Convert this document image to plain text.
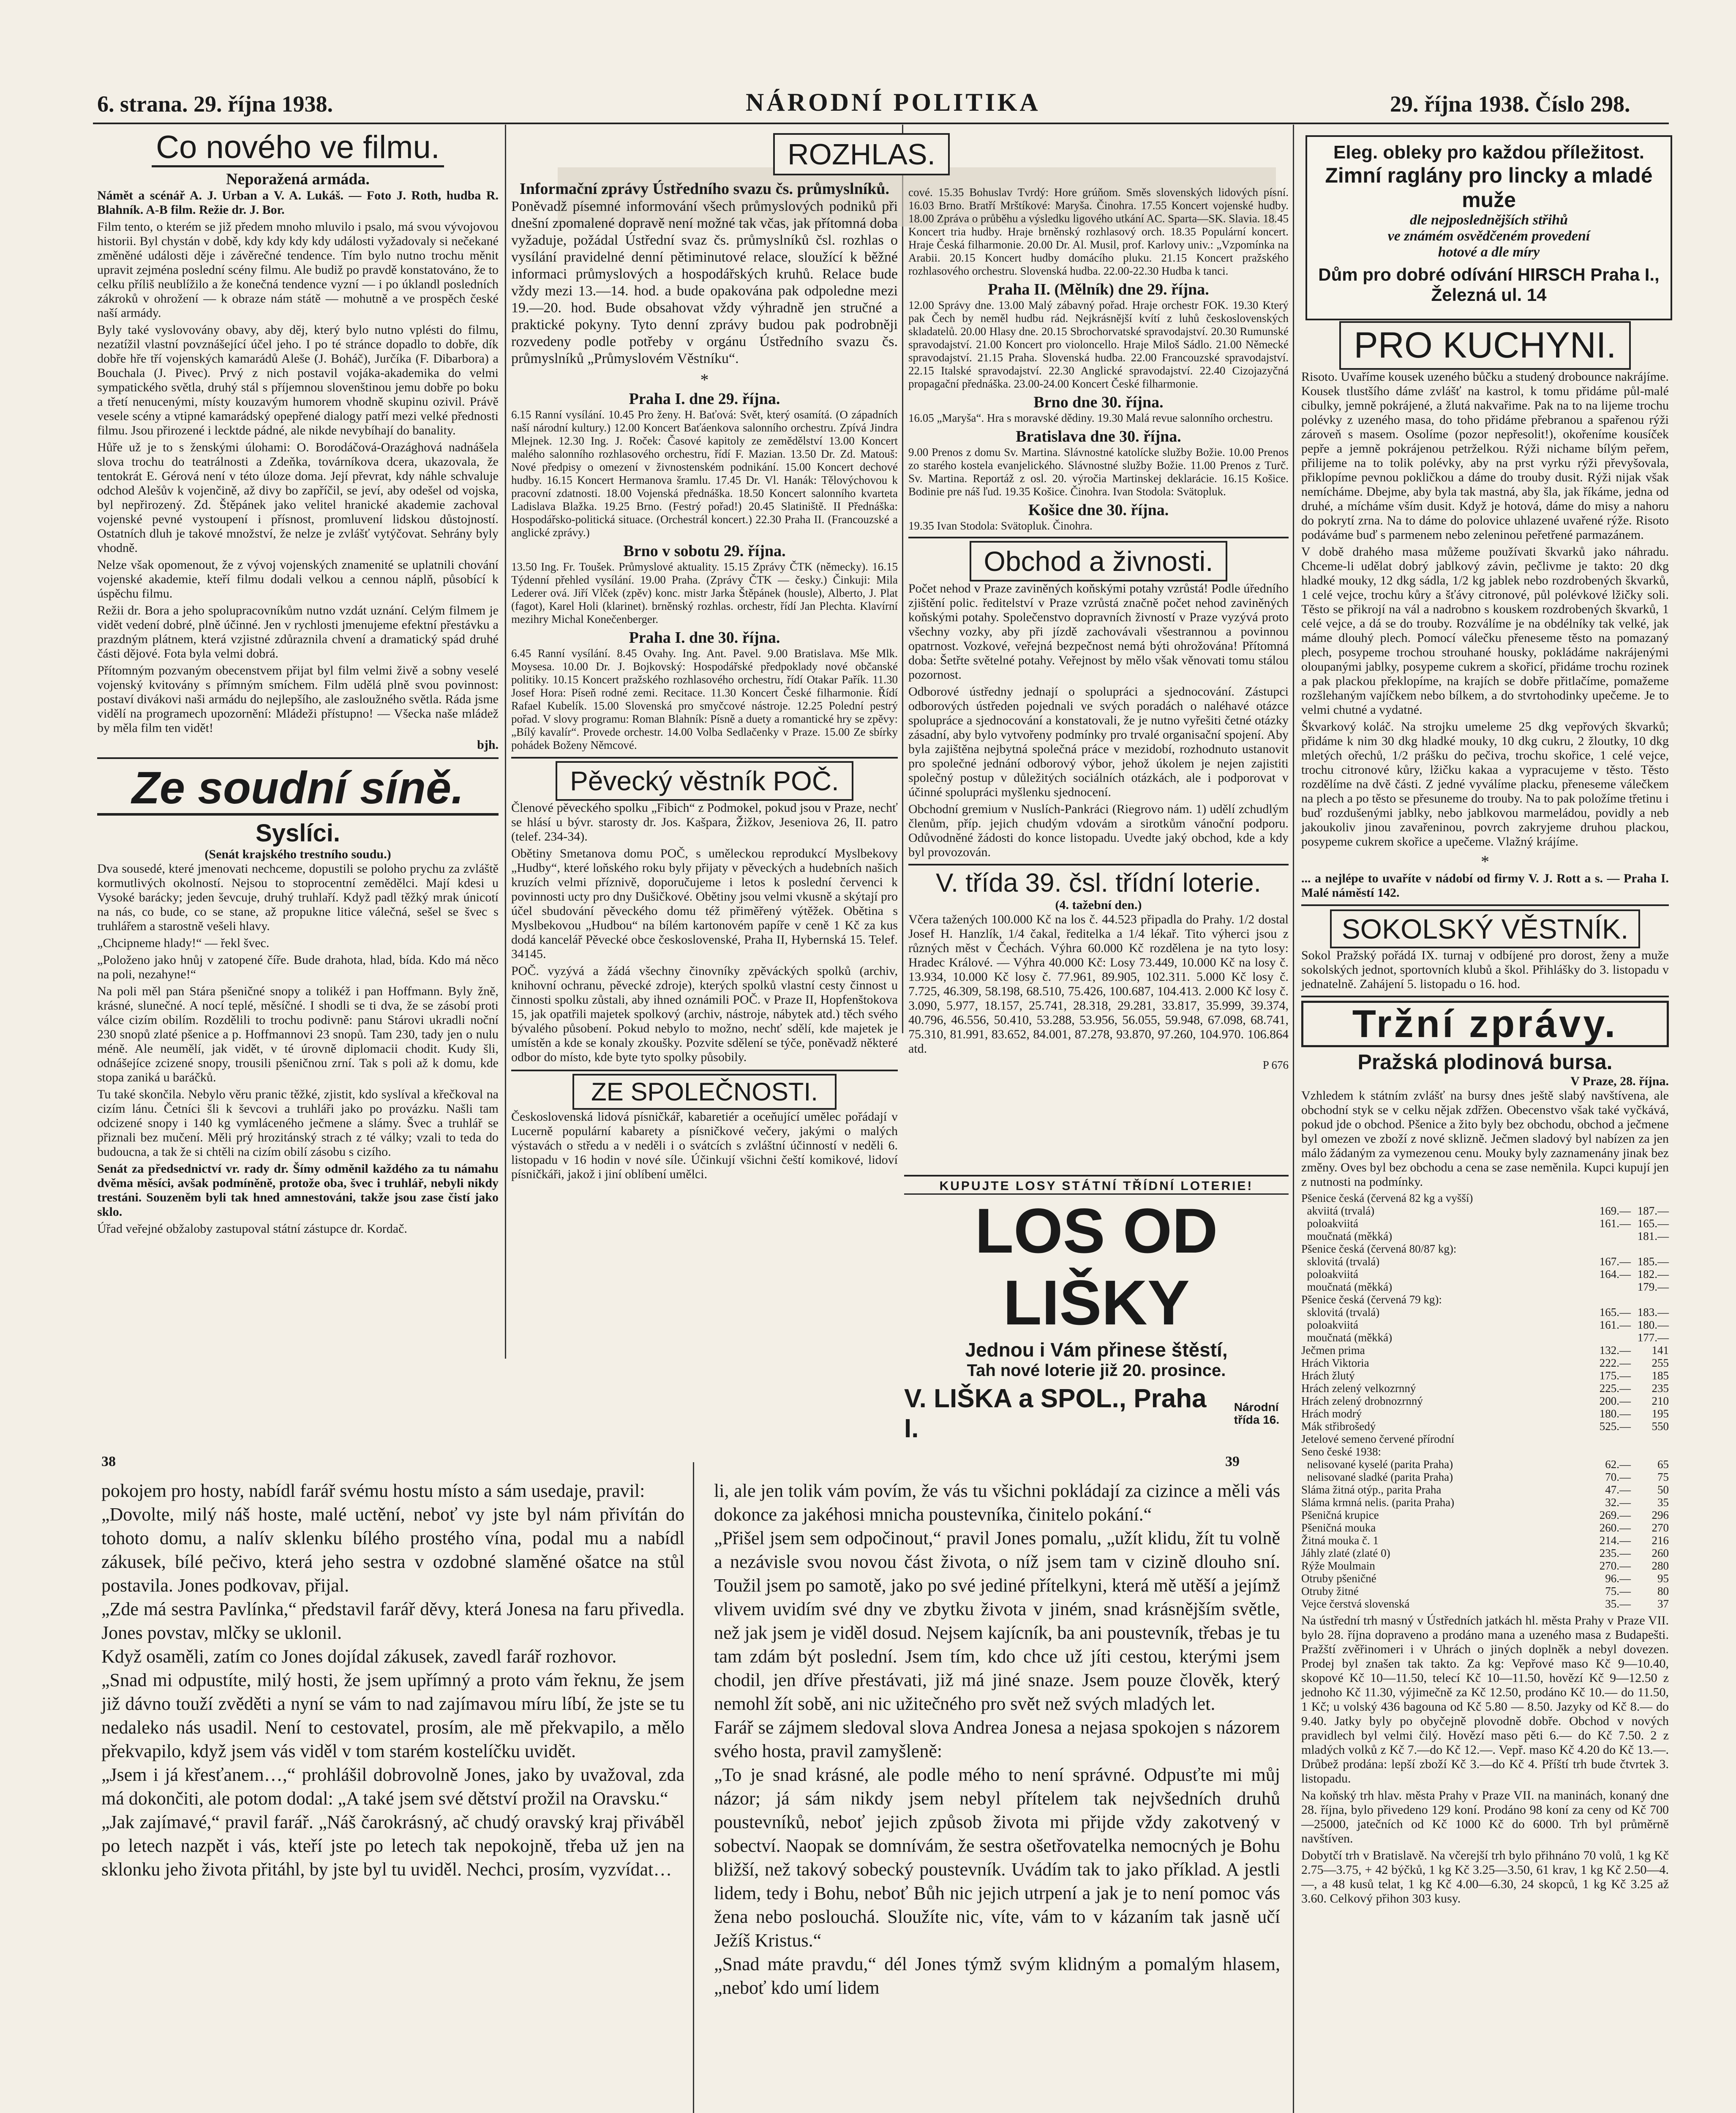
6. strana. 29. října 1938.	NÁRODNÍ POLITIKA	29. října 1938. Číslo 298.
Co nového ve filmu.
Neporažená armáda.

Námět a scénář A. J. Urban a V. A. Lukáš. — Foto J. Roth, hudba R. Blahník. A-B film. Režie dr. J. Bor.

Film tento, o kterém se již předem mnoho mluvilo i psalo, má svou vývojovou historii. Byl chystán v době, kdy kdy kdy kdy události vyžadovaly si nečekané změněné události děje i závěrečné tendence. Tím bylo nutno trochu měnit upravit zejména poslední scény filmu. Ale budiž po pravdě konstatováno, že to celku příliš neublížilo a že konečná tendence vyzní — i po úklandl posledních zákroků v ohrožení — k obraze nám státě — mohutně a ve prospěch české naší armády.

Byly také vyslovovány obavy, aby děj, který bylo nutno vplésti do filmu, nezatížil vlastní povznášející účel jeho. I po té stránce dopadlo to dobře, dík dobře hře tří vojenských kamarádů Aleše (J. Boháč), Jurčíka (F. Dibarbora) a Bouchala (J. Pivec). Prvý z nich postavil vojáka-akademika do velmi sympatického světla, druhý stál s příjemnou slovenštinou jemu dobře po boku a třetí nenucenými, místy kouzavým humorem vhodně skupinu ozivil. Právě vesele scény a vtipné kamarádský opepřené dialogy patří mezi velké přednosti filmu. Jsou přirozené i lecktde pádné, ale nikde nevybíhají do banality.

Hůře už je to s ženskými úlohami: O. Borodáčová-Orazághová nadnášela slova trochu do teatrálnosti a Zdeňka, továrníkova dcera, ukazovala, že tentokrát E. Gérová není v této úloze doma. Její převrat, kdy náhle schvaluje odchod Alešův k vojenčině, až divy bo zapříčil, se jeví, aby odešel od vojska, byl nepřirozený. Zd. Štěpánek jako velitel hranické akademie zachoval vojenské pevné vystoupení i přísnost, promluvení lidskou důstojností. Ostatních dluh je takové množství, že nelze je zvlášť vytýčovat. Sehrány byly vhodně.

Nelze však opomenout, že z vývoj vojenských znamenité se uplatnili chování vojenské akademie, kteří filmu dodali velkou a cennou náplň, působící k úspěchu filmu.

Režii dr. Bora a jeho spolupracovníkům nutno vzdát uznání. Celým filmem je vidět vedení dobré, plně účinné. Jen v rychlosti jmenujeme efektní přestávku a prazdným plátnem, která vzjistné zdůraznila chvení a dramatický spád druhé části dějové. Fota byla velmi dobrá.

Přítomným pozvaným obecenstvem přijat byl film velmi živě a sobny veselé vojenský kvitovány s přímným smíchem. Film udělá plně svou povinnost: postaví divákovi naši armádu do nejlepšího, ale zasloužného světla. Ráda jsme vidělí na programech upozornění: Mládeži přístupno! — Všecka naše mládež by měla film ten vidět!

bjh.
Ze soudní síně.
Syslíci.
(Senát krajského trestního soudu.)

Dva sousedé, které jmenovati nechceme, dopustili se poloho prychu za zvláště kormutlivých okolností. Nejsou to stoprocentní zemědělci. Mají kdesi u Vysoké barácky; jeden ševcuje, druhý truhlaří. Když padl těžký mrak únicotí na nás, co bude, co se stane, až propukne litice válečná, sešel se švec s truhlářem a starostně vešeli hlavy.

„Chcipneme hlady!“ — řekl švec.

„Položeno jako hnůj v zatopené číře. Bude drahota, hlad, bída. Kdo má něco na poli, nezahyne!“

Na poli měl pan Stára pšeničné snopy a tolikéž i pan Hoffmann. Byly žně, krásné, slunečné. A nocí teplé, měsíčné. I shodli se ti dva, že se zásobí proti válce cizím obilím. Rozdělili to trochu podivně: panu Stárovi ukradli noční 230 snopů zlaté pšenice a p. Hoffmannovi 23 snopů. Tam 230, tady jen o nulu méně. Ale neumělí, jak vidět, v té úrovně diplomacii chodit. Kudy šli, odnášejíce zcizené snopy, trousili pšeničnou zrní. Tak s poli až k domu, kde stopa zaniká u baráčků.

Tu také skončila. Nebylo věru pranic těžké, zjistit, kdo syslíval a křečkoval na cizím lánu. Četníci šli k ševcovi a truhláři jako po provázku. Našli tam odcizené snopy i 140 kg vymláceného ječmene a slámy. Švec a truhlář se přiznali bez mučení. Měli prý hrozitánský strach z té války; vzali to teda do budoucna, a tak že si chtěli na cizím obilí zásobu s cizího.

Senát za předsednictví vr. rady dr. Šímy odměnil každého za tu námahu dvěma měsíci, avšak podmíněně, protože oba, švec i truhlář, nebyli nikdy trestáni. Souzeněm byli tak hned amnestováni, takže jsou zase čistí jako sklo.

Úřad veřejné obžaloby zastupoval státní zástupce dr. Kordač.

ROZHLAS.
Informační zprávy Ústředního svazu čs. průmyslníků.

Poněvadž písemné informování všech průmyslových podniků při dnešní zpomalené dopravě není možné tak včas, jak přítomná doba vyžaduje, požádal Ústřední svaz čs. průmyslníků čsl. rozhlas o vysílání pravidelné denní pětiminutové relace, sloužící k běžné informaci průmyslových a hospodářských kruhů. Relace bude vždy mezi 13.—14. hod. a bude opakována pak odpoledne mezi 19.—20. hod. Bude obsahovat vždy výhradně jen stručné a praktické pokyny. Tyto denní zprávy budou pak podrobněji rozvedeny podle potřeby v orgánu Ústředního svazu čs. průmyslníků „Průmyslovém Věstníku“.

*
Praha I. dne 29. října.

6.15 Ranní vysílání. 10.45 Pro ženy. H. Baťová: Svět, který osamítá. (O západních naší národní kultury.) 12.00 Koncert Baťáenkova salonního orchestru. Zpívá Jindra Mlejnek. 12.30 Ing. J. Roček: Časové kapitoly ze zemědělství 13.00 Koncert malého salonního rozhlasového orchestru, řídí F. Mazian. 13.50 Dr. Zd. Matouš: Nové předpisy o omezení v živnostenském podnikání. 15.00 Koncert dechové hudby. 16.15 Koncert Hermanova šramlu. 17.45 Dr. Vl. Hanák: Tělovýchovou k pracovní zdatnosti. 18.00 Vojenská přednáška. 18.50 Koncert salonního kvarteta Ladislava Blažka. 19.25 Brno. (Festrý pořad!) 20.45 Slatiniště. II Přednáška: Hospodářsko-politická situace. (Orchestrál koncert.) 22.30 Praha II. (Francouzské a anglické zprávy.)

Brno v sobotu 29. října.

13.50 Ing. Fr. Toušek. Průmyslové aktuality. 15.15 Zprávy ČTK (německy). 16.15 Týdenní přehled vysílání. 19.00 Praha. (Zprávy ČTK — česky.) Činkuji: Mila Lederer ová. Jiří Vlček (zpěv) konc. mistr Jarka Štěpánek (housle), Alberto, J. Plat (fagot), Karel Holi (klarinet). brněnský rozhlas. orchestr, řídí Jan Plechta. Klavírní mezihry Michal Konečenberger.

Praha I. dne 30. října.

6.45 Ranní vysílání. 8.45 Ovahy. Ing. Ant. Pavel. 9.00 Bratislava. Mše Mlk. Moysesa. 10.00 Dr. J. Bojkovský: Hospodářské předpoklady nové občanské politiky. 10.15 Koncert pražského rozhlasového orchestru, řídí Otakar Pařík. 11.30 Josef Hora: Píseň rodné zemi. Recitace. 11.30 Koncert České filharmonie. Řídí Rafael Kubelík. 15.00 Slovenská pro smyčcové nástroje. 12.25 Polední pestrý pořad. V slovy programu: Roman Blahník: Písně a duety a romantické hry se zpěvy: „Bílý kavalír“. Provede orchestr. 14.00 Volba Sedlačenky v Praze. 15.00 Ze sbírky pohádek Boženy Němcové.

Pěvecký věstník POČ.

Členové pěveckého spolku „Fibich“ z Podmokel, pokud jsou v Praze, nechť se hlásí u bývr. starosty dr. Jos. Kašpara, Žižkov, Jeseniova 26, II. patro (telef. 234-34).

Obětiny Smetanova domu POČ, s uměleckou reprodukcí Myslbekovy „Hudby“, které loňského roku byly přijaty v pěveckých a hudebních našich kruzích velmi příznivě, doporučujeme i letos k poslední červenci k povinnosti ucty pro dny Dušičkové. Obětiny jsou velmi vkusně a skýtají pro účel sbudování pěveckého domu též přiměřený výtěžek. Obětina s Myslbekovou „Hudbou“ na bílém kartonovém papíře v ceně 1 Kč za kus dodá kancelář Pěvecké obce československé, Praha II, Hybernská 15. Telef. 34145.

POČ. vyzývá a žádá všechny činovníky zpěváckých spolků (archiv, knihovní ochranu, pěvecké zdroje), kterých spolků vlastní cesty činnost u činnosti spolku zůstali, aby ihned oznámili POČ. v Praze II, Hopfenštokova 15, jak opatřili majetek spolkový (archiv, nástroje, nábytek atd.) těch svého bývalého působení. Pokud nebylo to možno, nechť sdělí, kde majetek je umístěn a kde se konaly zkoušky. Pozvite sdělení se týče, poněvadž některé odbor do místo, kde byte tyto spolky působily.

ZE SPOLEČNOSTI.

Československá lidová písničkář, kabaretiér a oceňující umělec pořádají v Lucerně populární kabarety a písničkové večery, jakými o malých výstavách o středu a v neděli i o svátcích s zvláštní účinností v neděli 6. listopadu v 16 hodin v nové síle. Účinkují všichni čeští komikové, lidoví písničkáři, jakož i jiní oblíbení umělci.

cové. 15.35 Bohuslav Tvrdý: Hore grúňom. Směs slovenských lidových písní. 16.03 Brno. Bratří Mrštíkové: Maryša. Činohra. 17.55 Koncert vojenské hudby. 18.00 Zpráva o průběhu a výsledku ligového utkání AC. Sparta—SK. Slavia. 18.45 Koncert tria hudby. Hraje brněnský rozhlasový orch. 18.35 Populární koncert. Hraje Česká filharmonie. 20.00 Dr. Al. Musil, prof. Karlovy univ.: „Vzpomínka na Arabii. 20.15 Koncert hudby domácího pluku. 21.15 Koncert pražského rozhlasového orchestru. Slovenská hudba. 22.00-22.30 Hudba k tanci.

Praha II. (Mělník) dne 29. října.

12.00 Správy dne. 13.00 Malý zábavný pořad. Hraje orchestr FOK. 19.30 Který pak Čech by neměl hudbu rád. Nejkrásnější kvítí z luhů československých skladatelů. 20.00 Hlasy dne. 20.15 Sbrochorvatské spravodajství. 20.30 Rumunské spravodajství. 21.00 Koncert pro violoncello. Hraje Miloš Sádlo. 21.00 Německé spravodajství. 21.15 Praha. Slovenská hudba. 22.00 Francouzské spravodajství. 22.15 Italské spravodajství. 22.30 Anglické spravodajství. 22.40 Cizojazyčná propagační přednáška. 23.00-24.00 Koncert České filharmonie.

Brno dne 30. října.

16.05 „Maryša“. Hra s moravské dědiny. 19.30 Malá revue salonního orchestru.

Bratislava dne 30. října.

9.00 Prenos z domu Sv. Martina. Slávnostné katolícke služby Božie. 10.00 Prenos zo starého kostela evanjelického. Slávnostné služby Božie. 11.00 Prenos z Turč. Sv. Martina. Reportáž z osl. 20. výročia Martinskej deklarácie. 16.15 Košice. Bodinie pre náš ľud. 19.35 Košice. Činohra. Ivan Stodola: Svätopluk.

Košice dne 30. října.

19.35 Ivan Stodola: Svätopluk. Činohra.

Obchod a živnosti.

Počet nehod v Praze zaviněných koňskými potahy vzrůstá! Podle úředního zjištění polic. ředitelství v Praze vzrůstá značně počet nehod zaviněných koňskými potahy. Společenstvo dopravních živností v Praze vyzývá proto všechny vozky, aby při jízdě zachovávali všestrannou a povinnou opatrnost. Vozkové, veřejná bezpečnost nemá býti ohrožována! Přítomná doba: Šetřte světelné potahy. Veřejnost by mělo však věnovati tomu stálou pozornost.

Odborové ústředny jednají o spolupráci a sjednocování. Zástupci odborových ústředen pojednali ve svých poradách o naléhavé otázce spolupráce a sjednocování a konstatovali, že je nutno vyřešiti četné otázky zásadní, aby bylo vytvořeny podmínky pro trvalé organisační spojení. Aby byla zajištěna nejbytná společná práce v mezidobí, rozhodnuto ustanovit pro společné jednání odborový výbor, jehož úkolem je nejen zajistiti společný postup v důležitých sociálních otázkách, ale i podporovat v účinné spolupráci myšlenku sjednocení.

Obchodní gremium v Nuslích-Pankráci (Riegrovo nám. 1) udělí zchudlým členům, příp. jejich chudým vdovám a sirotkům vánoční podporu. Odůvodněné žádosti do konce listopadu. Uvedte jaký obchod, kde a kdy byl provozován.

V. třída 39. čsl. třídní loterie.
(4. tažební den.)

Včera tažených 100.000 Kč na los č. 44.523 připadla do Prahy. 1/2 dostal Josef H. Hanzlík, 1/4 čakal, ředitelka a 1/4 lékař. Tito výherci jsou z různých měst v Čechách. Výhra 60.000 Kč rozdělena je na tyto losy: Hradec Králové. — Výhra 40.000 Kč: Losy 73.449, 10.000 Kč na losy č. 13.934, 10.000 Kč losy č. 77.961, 89.905, 102.311. 5.000 Kč losy č. 7.725, 46.309, 58.198, 68.510, 75.426, 100.687, 104.413. 2.000 Kč losy č. 3.090, 5.977, 18.157, 25.741, 28.318, 29.281, 33.817, 35.999, 39.374, 40.796, 46.556, 50.410, 53.288, 53.956, 56.055, 59.948, 67.098, 68.741, 75.310, 81.991, 83.652, 84.001, 87.278, 93.870, 97.260, 104.970. 106.864 atd.

P 676
KUPUJTE LOSY STÁTNÍ TŘÍDNÍ LOTERIE!
LOS OD LIŠKY
Jednou i Vám přinese štěstí,
Tah nové loterie již 20. prosince.
V. LIŠKA a SPOL., Praha I.
Národní třída 16.
Eleg. obleky pro každou příležitost.
Zimní raglány pro lincky a mladé muže
dle nejposlednějších střihů
ve známém osvědčeném provedení
hotové a dle míry
Dům pro dobré odívání HIRSCH Praha I., Železná ul. 14
PRO KUCHYNI.

Risoto. Uvaříme kousek uzeného bůčku a studený drobounce nakrájíme. Kousek tlustšího dáme zvlášť na kastrol, k tomu přidáme půl-malé cibulky, jemně pokrájené, a žlutá nakvařime. Pak na to na lijeme trochu polévky z uzeného masa, do toho přidáme přebranou a spařenou rýži zároveň s masem. Osolíme (pozor nepřesolit!), okořeníme kousíček pepře a jemně pokrájenou petrželkou. Rýži nichame bílým peřem, přilijeme na to tolik polévky, aby na prst vyrku rýži převyšovala, přiklopíme pevnou pokličkou a dáme do trouby dusit. Rýži nijak však nemícháme. Dbejme, aby byla tak mastná, aby šla, jak říkáme, jedna od druhé, a mícháme vším dusit. Když je hotová, dáme do misy a nahoru do pokrytí zrna. Na to dáme do polovice uhlazené uvařené rýže. Risoto podáváme buď s parmenem nebo zeleninou peřetřené parmazánem.

V době drahého masa můžeme používati škvarků jako náhradu. Chceme-li udělat dobrý jablkový závin, pečlivme je takto: 20 dkg hladké mouky, 12 dkg sádla, 1/2 kg jablek nebo rozdrobených škvarků, 1 celé vejce, trochu kůry a šťávy citronové, půl polévkové lžičky soli. Těsto se přikrojí na vál a nadrobno s kouskem rozdrobených škvarků, 1 celé vejce, a dá se do trouby. Rozválíme je na obdélníky tak velké, jak máme dlouhý plech. Pomocí válečku přeneseme těsto na pomazaný plech, posypeme trochou strouhané housky, pokládáme nakrájenými oloupanými jablky, posypeme cukrem a skořicí, přidáme trochu rozinek a pak plackou překlopíme, na krajích se dobře přitlačíme, pomažeme rozšlehaným vajíčkem nebo bílkem, a do stvrtohodinky upečeme. Je to velmi chutné a vydatné.

Škvarkový koláč. Na strojku umeleme 25 dkg vepřových škvarků; přidáme k nim 30 dkg hladké mouky, 10 dkg cukru, 2 žloutky, 10 dkg mletých ořechů, 1/2 prášku do pečiva, trochu skořice, 1 celé vejce, trochu citronové kůry, lžičku kakaa a vypracujeme v těsto. Těsto rozdělíme na dvě části. Z jedné vyválíme placku, přeneseme válečkem na plech a po těsto se přesuneme do trouby. Na to pak položíme třetinu i buď rozdušenými jablky, nebo jablkovou marmeládou, povidly a neb jakoukoliv jinou zavařeninou, povrch zakryjeme druhou plackou, posypeme cukrem skořice a upečeme. Vlažný krájíme.

*

... a nejlépe to uvaříte v nádobí od firmy V. J. Rott a s. — Praha I. Malé náměstí 142.

SOKOLSKÝ VĚSTNÍK.

Sokol Pražský pořádá IX. turnaj v odbíjené pro dorost, ženy a muže sokolských jednot, sportovních klubů a škol. Přihlášky do 3. listopadu v jednatelně. Zahájení 5. listopadu o 16. hod.

Tržní zprávy.
Pražská plodinová bursa.
V Praze, 28. října.

Vzhledem k státním zvlášť na bursy dnes ještě slabý navštívena, ale obchodní styk se v celku nějak zdřžen. Obecenstvo však také vyčkává, pokud jde o obchod. Pšenice a žito byly bez obchodu, obchod a ječmene byl omezen ve zboží z nové sklizně. Ječmen sladový byl nabízen za jen málo žádaným za vymezenou cenu. Mouky byly zaznamenány jinak bez změny. Oves byl bez obchodu a cena se zase neměnila. Kupci kupují jen z nutnosti na podmínky.

Pšenice česká (červená 82 kg a vyšší)		
akviitá (trvalá)	169.—	187.—
poloakviitá	161.—	165.—
moučnatá (měkká)		181.—
Pšenice česká (červená 80/87 kg):		
sklovitá (trvalá)	167.—	185.—
poloakviitá	164.—	182.—
moučnatá (měkká)		179.—
Pšenice česká (červená 79 kg):		
sklovitá (trvalá)	165.—	183.—
poloakviitá	161.—	180.—
moučnatá (měkká)		177.—
Ječmen prima	132.—	141
Hrách Viktoria	222.—	255
Hrách žlutý	175.—	185
Hrách zelený velkozrnný	225.—	235
Hrách zelený drobnozrnný	200.—	210
Hrách modrý	180.—	195
Mák střibrošedý	525.—	550
Jetelové semeno červené přírodní		
Seno české 1938:		
nelisované kyselé (parita Praha)	62.—	65
nelisované sladké (parita Praha)	70.—	75
Sláma žitná otýp., parita Praha	47.—	50
Sláma krmná nelis. (parita Praha)	32.—	35
Pšeničná krupice	269.—	296
Pšeničná mouka	260.—	270
Žitná mouka č. 1	214.—	216
Jáhly zlaté (zlaté 0)	235.—	260
Rýže Moulmain	270.—	280
Otruby pšeničné	96.—	95
Otruby žitné	75.—	80
Vejce čerstvá slovenská	35.—	37

Na ústřední trh masný v Ústředních jatkách hl. města Prahy v Praze VII. bylo 28. října dopraveno a prodáno mana a uzeného masa z Budapešti. Pražští zvěřinomeri i v Uhrách o jiných doplněk a nebyl dovezen. Prodej byl znašen tak takto. Za kg: Vepřové maso Kč 9—10.40, skopové Kč 10—11.50, telecí Kč 10—11.50, hovězí Kč 9—12.50 z jednoho Kč 11.30, výjimečně za Kč 12.50, prodáno Kč 10.— do 11.50, 1 Kč; u volský 436 bagouna od Kč 5.80 — 8.50. Jazyky od Kč 8.— do 9.40. Jatky byly po obyčejně plovodně dobře. Obchod v nových pravidlech byl velmi čilý. Hovězí maso pěti 6.— do Kč 7.50. 2 z mladých volků z Kč 7.—do Kč 12.—. Vepř. maso Kč 4.20 do Kč 13.—. Drůbež prodána: lepší zboží Kč 3.—do Kč 4. Příští trh bude čtvrtek 3. listopadu.

Na koňský trh hlav. města Prahy v Praze VII. na maninách, konaný dne 28. října, bylo přivedeno 129 koní. Prodáno 98 koní za ceny od Kč 700—25000, jatečních od Kč 1000 Kč do 6000. Trh byl průměrně navštíven.

Dobytčí trh v Bratislavě. Na včerejší trh bylo přihnáno 70 volů, 1 kg Kč 2.75—3.75, + 42 býčků, 1 kg Kč 3.25—3.50, 61 krav, 1 kg Kč 2.50—4.—, a 48 kusů telat, 1 kg Kč 4.00—6.30, 24 skopců, 1 kg Kč 3.25 až 3.60. Celkový přihon 303 kusy.

38	39
pokojem pro hosty, nabídl farář svému hostu místo a sám usedaje, pravil:
„Dovolte, milý náš hoste, malé uctění, neboť vy jste byl nám přivítán do tohoto domu, a nalív sklenku bílého prostého vína, podal mu a nabídl zákusek, bílé pečivo, která jeho sestra v ozdobné slaměné ošatce na stůl postavila. Jones podkovav, přijal.
„Zde má sestra Pavlínka,“ představil farář děvy, která Jonesa na faru přivedla. Jones povstav, mlčky se uklonil.
Když osaměli, zatím co Jones dojídal zákusek, zavedl farář rozhovor.
„Snad mi odpustíte, milý hosti, že jsem upřímný a proto vám řeknu, že jsem již dávno touží zvěděti a nyní se vám to nad zajímavou míru líbí, že jste se tu nedaleko nás usadil. Není to cestovatel, prosím, ale mě překvapilo, a mělo překvapilo, když jsem vás viděl v tom starém kostelíčku uvidět.
„Jsem i já křesťanem…,“ prohlášil dobrovolně Jones, jako by uvažoval, zda má dokončiti, ale potom dodal: „A také jsem své dětství prožil na Oravsku.“
„Jak zajímavé,“ pravil farář. „Náš čarokrásný, ač chudý oravský kraj přiváběl po letech nazpět i vás, kteří jste po letech tak nepokojně, třeba už jen na sklonku jeho života přitáhl, by jste byl tu uviděl. Nechci, prosím, vyzvídat…
li, ale jen tolik vám povím, že vás tu všichni pokládají za cizince a měli vás dokonce za jakéhosi mnicha poustevníka, činitelo pokání.“
„Přišel jsem sem odpočinout,“ pravil Jones pomalu, „užít klidu, žít tu volně a nezávisle svou novou část života, o níž jsem tam v cizině dlouho sní. Toužil jsem po samotě, jako po své jediné přítelkyni, která mě utěší a jejímž vlivem uvidím své dny ve zbytku života v jiném, snad krásnějším světle, než jak jsem je viděl dosud. Nejsem kajícník, ba ani poustevník, třebas je tu tam zdám být poslední. Jsem tím, kdo chce už jíti cestou, kterými jsem chodil, jen dříve přestávati, již má jiné snaze. Jsem pouze člověk, který nemohl žít sobě, ani nic užitečného pro svět než svých mladých let.
Farář se zájmem sledoval slova Andrea Jonesa a nejasa spokojen s názorem svého hosta, pravil zamyšleně:
„To je snad krásné, ale podle mého to není správné. Odpusťte mi můj názor; já sám nikdy jsem nebyl přítelem tak nejvšedních druhů poustevníků, neboť jejich způsob života mi přijde vždy zakotvený v sobectví. Naopak se domnívám, že sestra ošetřovatelka nemocných je Bohu bližší, než takový sobecký poustevník. Uvádím tak to jako příklad. A jestli lidem, tedy i Bohu, neboť Bůh nic jejich utrpení a jak je to není pomoc vás žena nebo poslouchá. Sloužíte nic, víte, vám to v kázaním tak jasně učí Ježíš Kristus.“
„Snad máte pravdu,“ dél Jones týmž svým klidným a pomalým hlasem, „neboť kdo umí lidem
